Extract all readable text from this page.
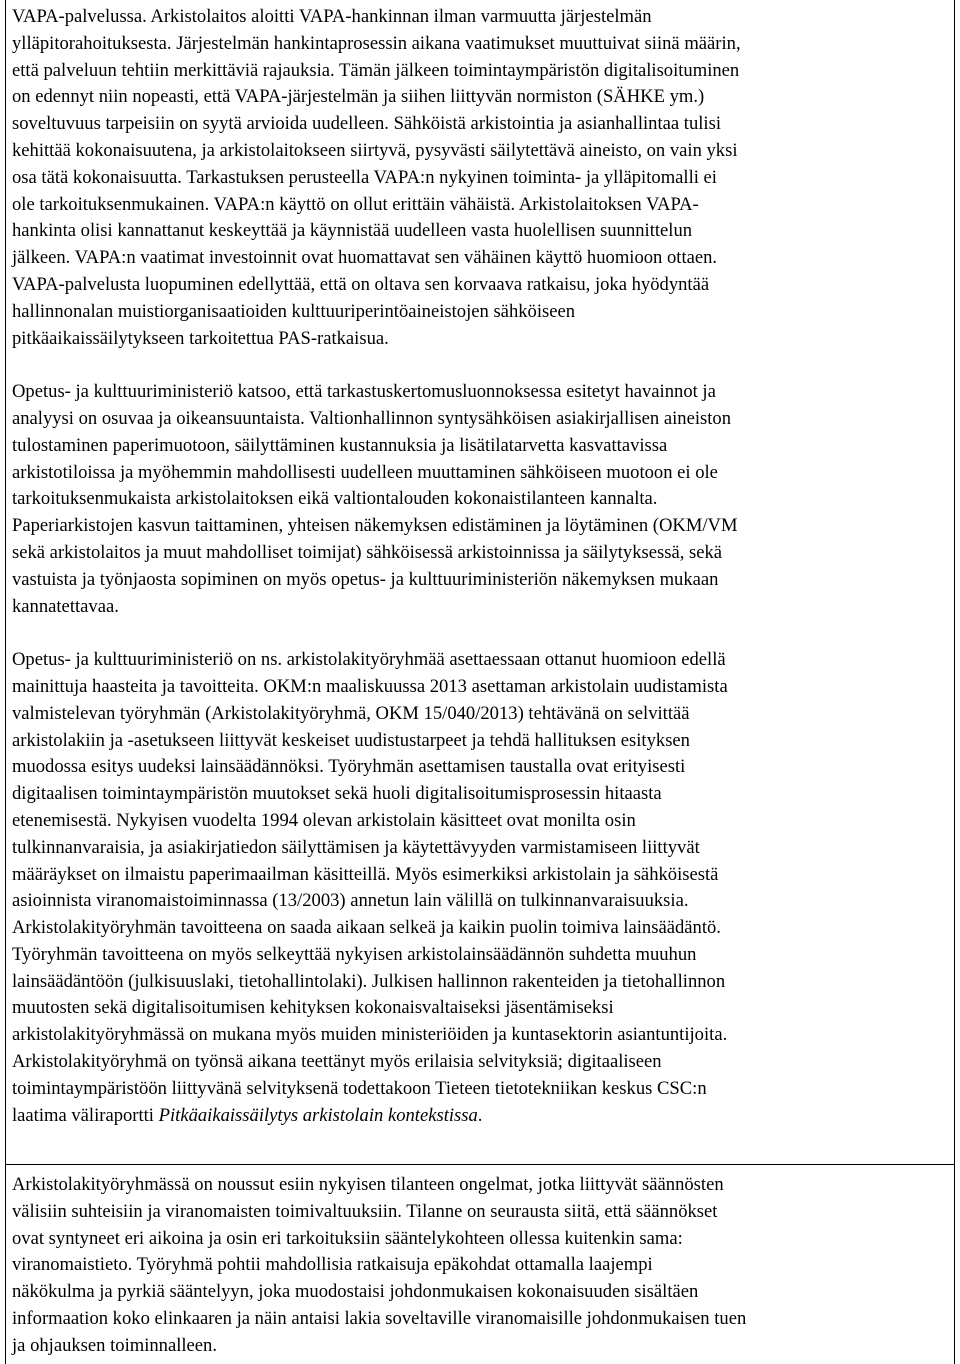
VAPA-palvelussa. Arkistolaitos aloitti VAPA-hankinnan ilman varmuutta järjestelmän
ylläpitorahoituksesta. Järjestelmän hankintaprosessin aikana vaatimukset muuttuivat siinä määrin,
että palveluun tehtiin merkittäviä rajauksia. Tämän jälkeen toimintaympäristön digitalisoituminen
on edennyt niin nopeasti, että VAPA-järjestelmän ja siihen liittyvän normiston (SÄHKE ym.)
soveltuvuus tarpeisiin on syytä arvioida uudelleen. Sähköistä arkistointia ja asianhallintaa tulisi
kehittää kokonaisuutena, ja arkistolaitokseen siirtyvä, pysyvästi säilytettävä aineisto, on vain yksi
osa tätä kokonaisuutta. Tarkastuksen perusteella VAPA:n nykyinen toiminta- ja ylläpitomalli ei
ole tarkoituksenmukainen. VAPA:n käyttö on ollut erittäin vähäistä. Arkistolaitoksen VAPA-
hankinta olisi kannattanut keskeyttää ja käynnistää uudelleen vasta huolellisen suunnittelun
jälkeen. VAPA:n vaatimat investoinnit ovat huomattavat sen vähäinen käyttö huomioon ottaen.
VAPA-palvelusta luopuminen edellyttää, että on oltava sen korvaava ratkaisu, joka hyödyntää
hallinnonalan muistiorganisaatioiden kulttuuriperintöaineistojen sähköiseen
pitkäaikaissäilytykseen tarkoitettua PAS-ratkaisua.
Opetus- ja kulttuuriministeriö katsoo, että tarkastuskertomusluonnoksessa esitetyt havainnot ja
analyysi on osuvaa ja oikeansuuntaista. Valtionhallinnon syntysähköisen asiakirjallisen aineiston
tulostaminen paperimuotoon, säilyttäminen kustannuksia ja lisätilatarvetta kasvattavissa
arkistotiloissa ja myöhemmin mahdollisesti uudelleen muuttaminen sähköiseen muotoon ei ole
tarkoituksenmukaista arkistolaitoksen eikä valtiontalouden kokonaistilanteen kannalta.
Paperiarkistojen kasvun taittaminen, yhteisen näkemyksen edistäminen ja löytäminen (OKM/VM
sekä arkistolaitos ja muut mahdolliset toimijat) sähköisessä arkistoinnissa ja säilytyksessä, sekä
vastuista ja työnjaosta sopiminen on myös opetus- ja kulttuuriministeriön näkemyksen mukaan
kannatettavaa.
Opetus- ja kulttuuriministeriö on ns. arkistolakityöryhmää asettaessaan ottanut huomioon edellä
mainittuja haasteita ja tavoitteita. OKM:n maaliskuussa 2013 asettaman arkistolain uudistamista
valmistelevan työryhmän (Arkistolakityöryhmä, OKM 15/040/2013) tehtävänä on selvittää
arkistolakiin ja -asetukseen liittyvät keskeiset uudistustarpeet ja tehdä hallituksen esityksen
muodossa esitys uudeksi lainsäädännöksi. Työryhmän asettamisen taustalla ovat erityisesti
digitaalisen toimintaympäristön muutokset sekä huoli digitalisoitumisprosessin hitaasta
etenemisestä. Nykyisen vuodelta 1994 olevan arkistolain käsitteet ovat monilta osin
tulkinnanvaraisia, ja asiakirjatiedon säilyttämisen ja käytettävyyden varmistamiseen liittyvät
määräykset on ilmaistu paperimaailman käsitteillä. Myös esimerkiksi arkistolain ja sähköisestä
asioinnista viranomaistoiminnassa (13/2003) annetun lain välillä on tulkinnanvaraisuuksia.
Arkistolakityöryhmän tavoitteena on saada aikaan selkeä ja kaikin puolin toimiva lainsäädäntö.
Työryhmän tavoitteena on myös selkeyttää nykyisen arkistolainsäädännön suhdetta muuhun
lainsäädäntöön (julkisuuslaki, tietohallintolaki). Julkisen hallinnon rakenteiden ja tietohallinnon
muutosten sekä digitalisoitumisen kehityksen kokonaisvaltaiseksi jäsentämiseksi
arkistolakityöryhmässä on mukana myös muiden ministeriöiden ja kuntasektorin asiantuntijoita.
Arkistolakityöryhmä on työnsä aikana teettänyt myös erilaisia selvityksiä; digitaaliseen
toimintaympäristöön liittyvänä selvityksenä todettakoon Tieteen tietotekniikan keskus CSC:n
laatima väliraportti Pitkäaikaissäilytys arkistolain kontekstissa.
Arkistolakityöryhmässä on noussut esiin nykyisen tilanteen ongelmat, jotka liittyvät säännösten
välisiin suhteisiin ja viranomaisten toimivaltuuksiin. Tilanne on seurausta siitä, että säännökset
ovat syntyneet eri aikoina ja osin eri tarkoituksiin sääntelykohteen ollessa kuitenkin sama:
viranomaistieto. Työryhmä pohtii mahdollisia ratkaisuja epäkohdat ottamalla laajempi
näkökulma ja pyrkiä sääntelyyn, joka muodostaisi johdonmukaisen kokonaisuuden sisältäen
informaation koko elinkaaren ja näin antaisi lakia soveltaville viranomaisille johdonmukaisen tuen
ja ohjauksen toiminnalleen.
